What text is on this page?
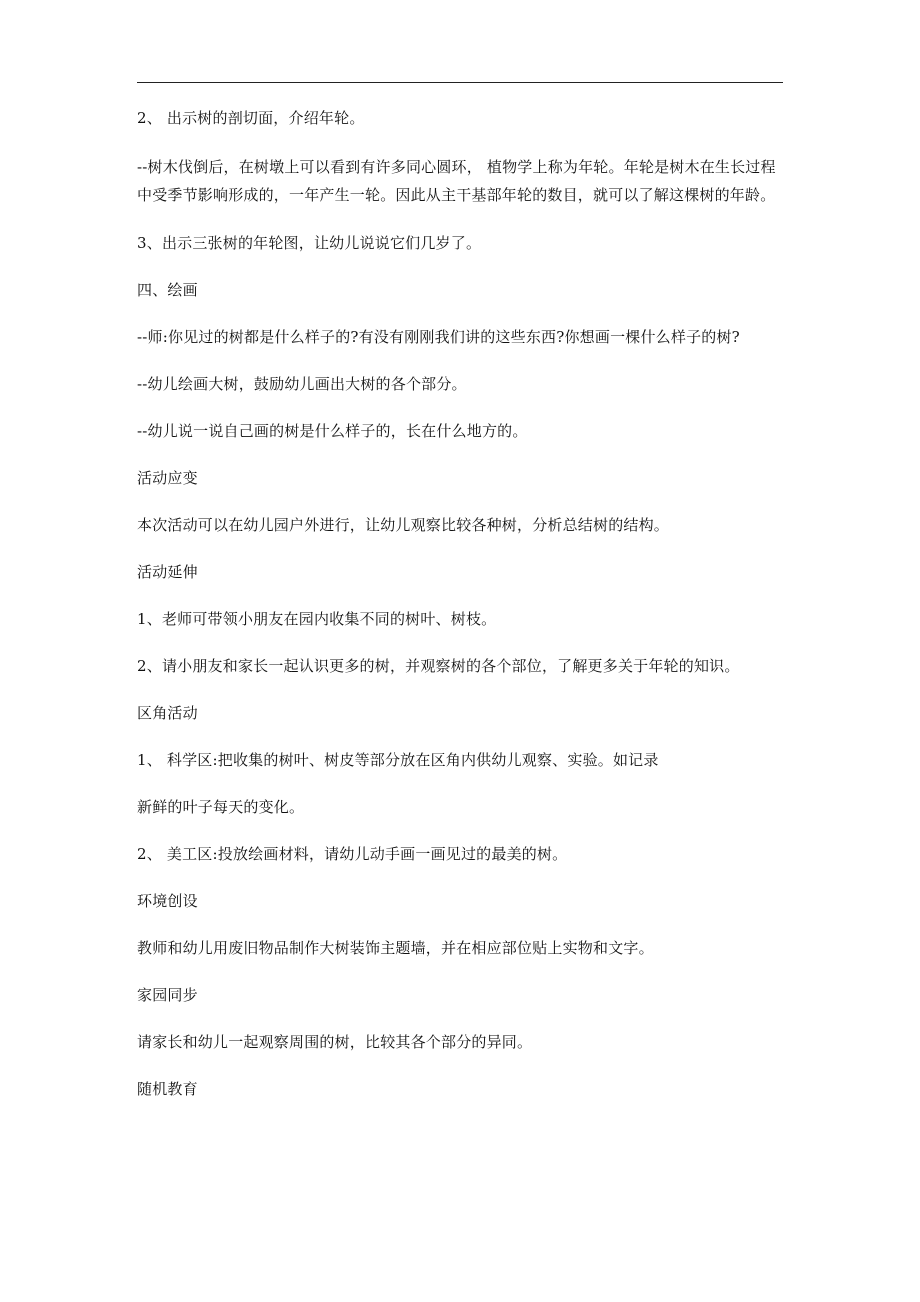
2、 出示树的剖切面，介绍年轮。

--树木伐倒后，在树墩上可以看到有许多同心圆环， 植物学上称为年轮。年轮是树木在生长过程中受季节影响形成的，一年产生一轮。因此从主干基部年轮的数目，就可以了解这棵树的年龄。

3、出示三张树的年轮图，让幼儿说说它们几岁了。

四、绘画

--师:你见过的树都是什么样子的?有没有刚刚我们讲的这些东西?你想画一棵什么样子的树?

--幼儿绘画大树，鼓励幼儿画出大树的各个部分。

--幼儿说一说自己画的树是什么样子的，长在什么地方的。

活动应变

本次活动可以在幼儿园户外进行，让幼儿观察比较各种树，分析总结树的结构。

活动延伸

1、老师可带领小朋友在园内收集不同的树叶、树枝。

2、请小朋友和家长一起认识更多的树，并观察树的各个部位，了解更多关于年轮的知识。

区角活动

1、 科学区:把收集的树叶、树皮等部分放在区角内供幼儿观察、实验。如记录

新鲜的叶子每天的变化。

2、 美工区:投放绘画材料，请幼儿动手画一画见过的最美的树。

环境创设

教师和幼儿用废旧物品制作大树装饰主题墙，并在相应部位贴上实物和文字。

家园同步

请家长和幼儿一起观察周围的树，比较其各个部分的异同。

随机教育
